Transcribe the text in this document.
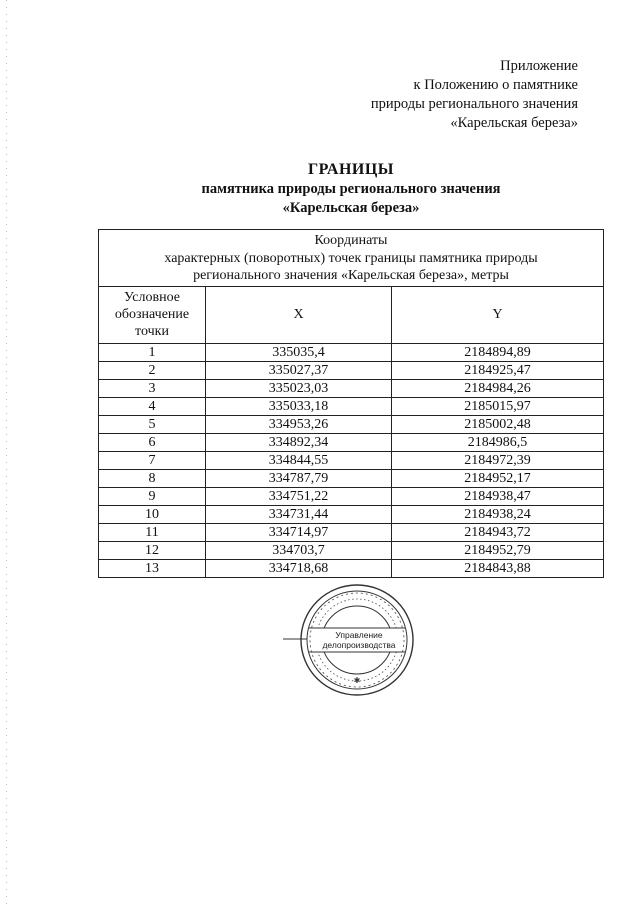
Приложение
к Положению о памятнике
природы регионального значения
«Карельская береза»
ГРАНИЦЫ
памятника природы регионального значения
«Карельская береза»
Координаты
характерных (поворотных) точек границы памятника природы
регионального значения «Карельская береза», метры		

Условное
обозначение
точки	X	Y
1	335035,4	2184894,89
2	335027,37	2184925,47
3	335023,03	2184984,26
4	335033,18	2185015,97
5	334953,26	2185002,48
6	334892,34	2184986,5
7	334844,55	2184972,39
8	334787,79	2184952,17
9	334751,22	2184938,47
10	334731,44	2184938,24
11	334714,97	2184943,72
12	334703,7	2184952,79
13	334718,68	2184843,88
Управление
делопроизводства
✱
